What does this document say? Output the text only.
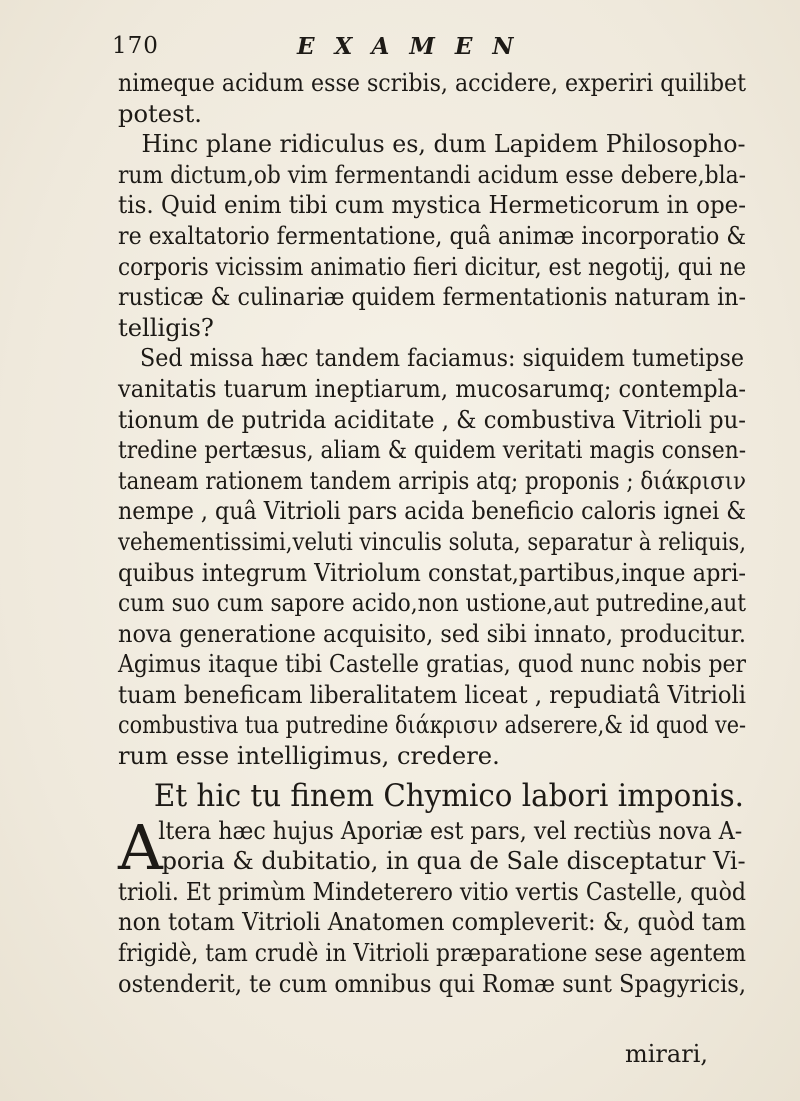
170	EXAMEN
nimeque acidum esse scribis, accidere, experiri quilibet
potest.
Hinc plane ridiculus es, dum Lapidem Philosopho-
rum dictum,ob vim fermentandi acidum esse debere,bla-
tis. Quid enim tibi cum mystica Hermeticorum in ope-
re exaltatorio fermentatione, quâ animæ incorporatio &
corporis vicissim animatio fieri dicitur, est negotij, qui ne
rusticæ & culinariæ quidem fermentationis naturam in-
telligis?
Sed missa hæc tandem faciamus: siquidem tumetipse
vanitatis tuarum ineptiarum, mucosarumq; contempla-
tionum de putrida aciditate , & combustiva Vitrioli pu-
tredine pertæsus, aliam & quidem veritati magis consen-
taneam rationem tandem arripis atq; proponis ; διάκρισιν
nempe , quâ Vitrioli pars acida beneficio caloris ignei &
vehementissimi,veluti vinculis soluta, separatur à reliquis,
quibus integrum Vitriolum constat,partibus,inque apri-
cum suo cum sapore acido,non ustione,aut putredine,aut
nova generatione acquisito, sed sibi innato, producitur.
Agimus itaque tibi Castelle gratias, quod nunc nobis per
tuam beneficam liberalitatem liceat , repudiatâ Vitrioli
combustiva tua putredine διάκρισιν adserere,& id quod ve-
rum esse intelligimus, credere.
Et hic tu finem Chymico labori imponis.
A
ltera hæc hujus Aporiæ est pars, vel rectiùs nova A-
poria & dubitatio, in qua de Sale disceptatur Vi-
trioli. Et primùm Mindeterero vitio vertis Castelle, quòd
non totam Vitrioli Anatomen compleverit: &, quòd tam
frigidè, tam crudè in Vitrioli præparatione sese agentem
ostenderit, te cum omnibus qui Romæ sunt Spagyricis,
mirari,
